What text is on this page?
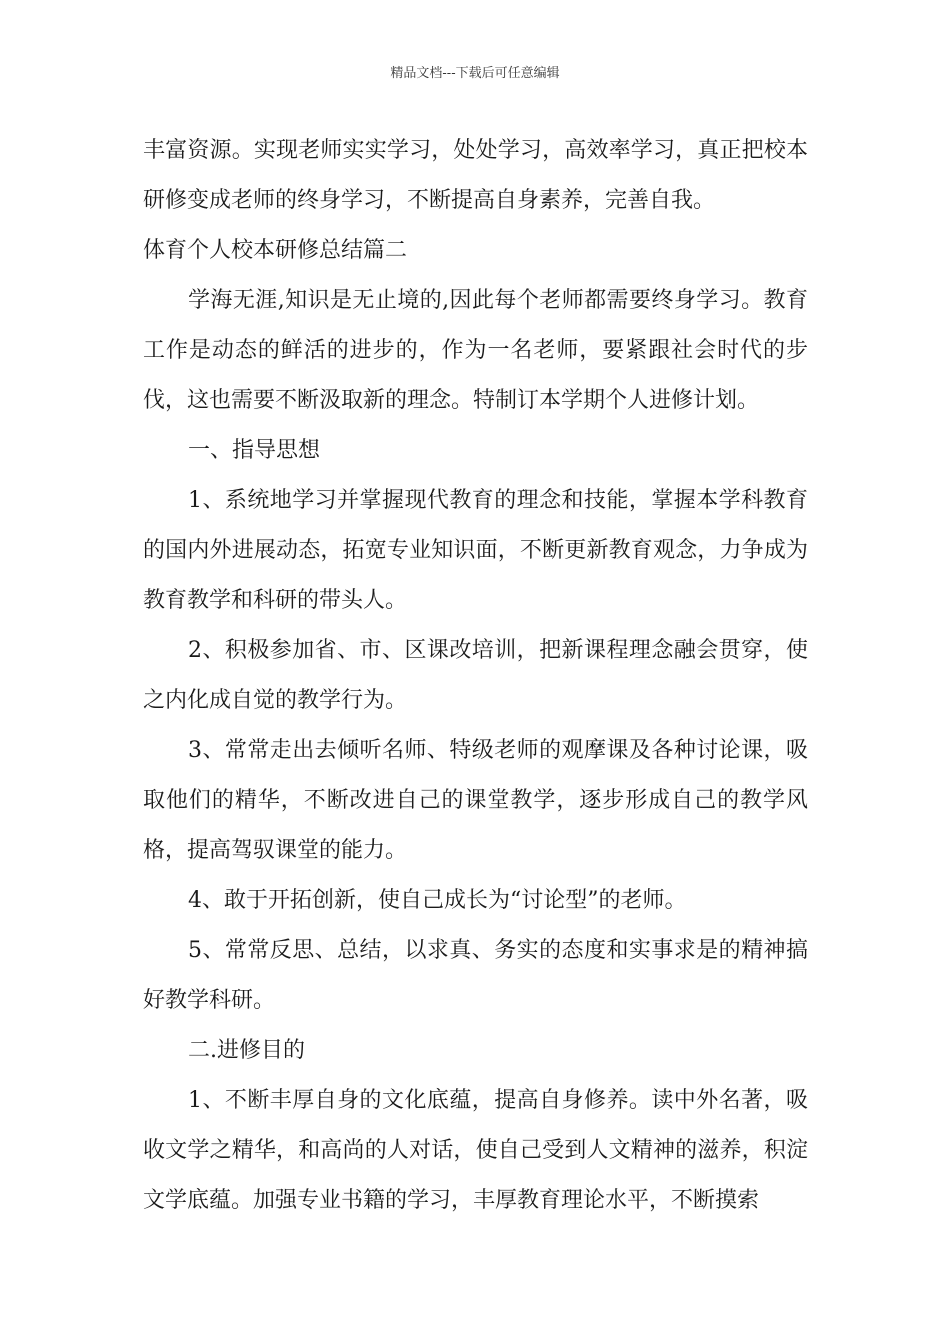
精品文档---下载后可任意编辑

丰富资源。实现老师实实学习，处处学习，高效率学习，真正把校本研修变成老师的终身学习，不断提高自身素养，完善自我。

体育个人校本研修总结篇二

学海无涯,知识是无止境的,因此每个老师都需要终身学习。教育工作是动态的鲜活的进步的，作为一名老师，要紧跟社会时代的步伐，这也需要不断汲取新的理念。特制订本学期个人进修计划。

一、指导思想

1、系统地学习并掌握现代教育的理念和技能，掌握本学科教育的国内外进展动态，拓宽专业知识面，不断更新教育观念，力争成为教育教学和科研的带头人。

2、积极参加省、市、区课改培训，把新课程理念融会贯穿，使之内化成自觉的教学行为。

3、常常走出去倾听名师、特级老师的观摩课及各种讨论课，吸取他们的精华，不断改进自己的课堂教学，逐步形成自己的教学风格，提高驾驭课堂的能力。

4、敢于开拓创新，使自己成长为“讨论型”的老师。

5、常常反思、总结，以求真、务实的态度和实事求是的精神搞好教学科研。

二.进修目的

1、不断丰厚自身的文化底蕴，提高自身修养。读中外名著，吸收文学之精华，和高尚的人对话，使自己受到人文精神的滋养，积淀文学底蕴。加强专业书籍的学习，丰厚教育理论水平，不断摸索
